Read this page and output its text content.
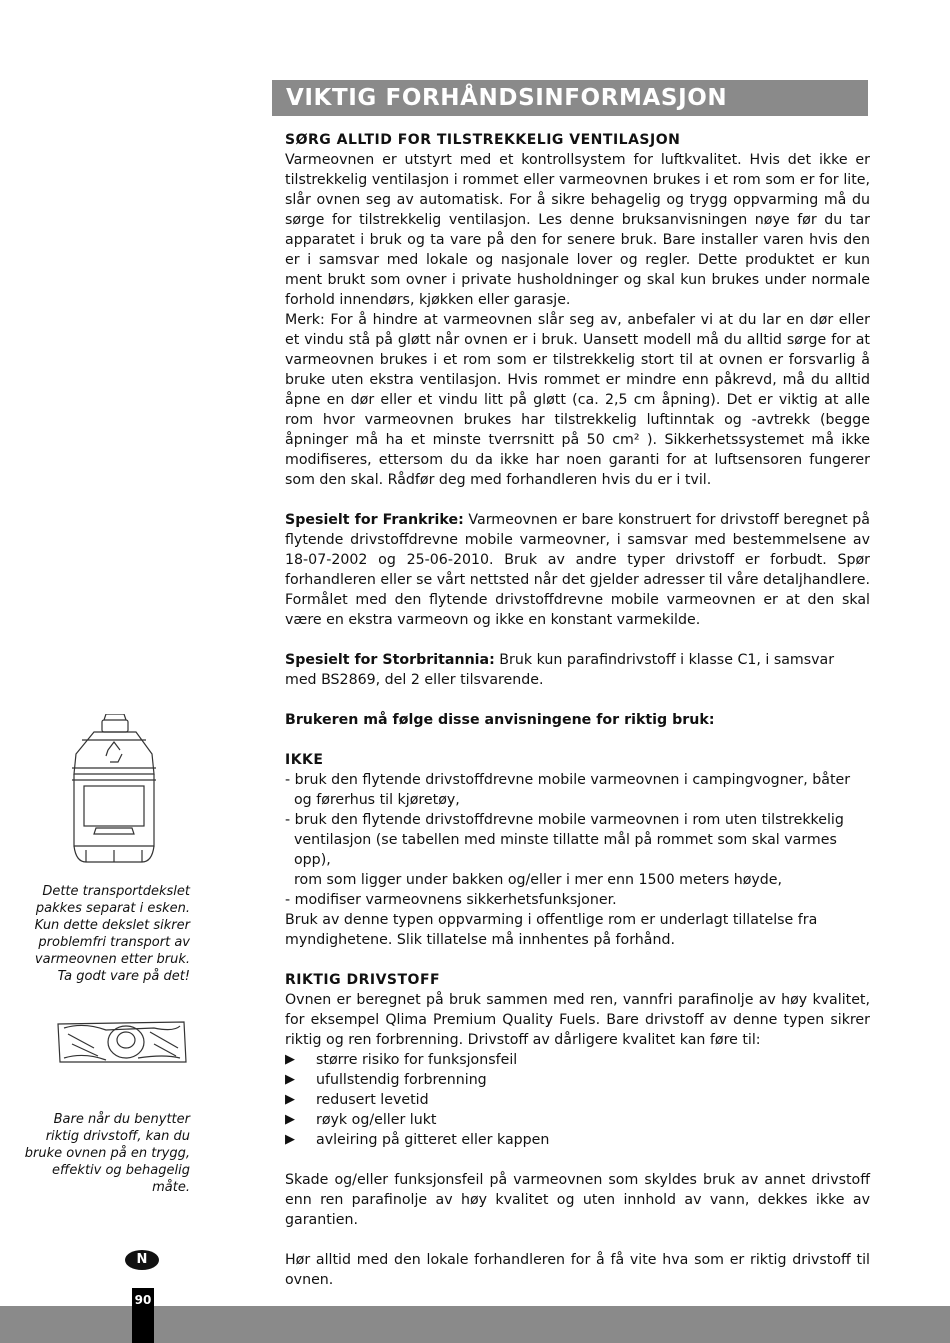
VIKTIG FORHÅNDSINFORMASJON

SØRG ALLTID FOR TILSTREKKELIG VENTILASJON

Varmeovnen er utstyrt med et kontrollsystem for luftkvalitet. Hvis det ikke er tilstrekkelig ventilasjon i rommet eller varmeovnen brukes i et rom som er for lite, slår ovnen seg av automatisk. For å sikre behagelig og trygg oppvarming må du sørge for tilstrekkelig ventilasjon. Les denne bruksanvisningen nøye før du tar apparatet i bruk og ta vare på den for senere bruk. Bare installer varen hvis den er i samsvar med lokale og nasjonale lover og regler. Dette produktet er kun ment brukt som ovner i private husholdninger og skal kun brukes under normale forhold innendørs, kjøkken eller garasje.

Merk: For å hindre at varmeovnen slår seg av, anbefaler vi at du lar en dør eller et vindu stå på gløtt når ovnen er i bruk. Uansett modell må du alltid sørge for at varmeovnen brukes i et rom som er tilstrekkelig stort til at ovnen er forsvarlig å bruke uten ekstra ventilasjon. Hvis rommet er mindre enn påkrevd, må du alltid åpne en dør eller et vindu litt på gløtt (ca. 2,5 cm åpning). Det er viktig at alle rom hvor varmeovnen brukes har tilstrekkelig luftinntak og -avtrekk (begge åpninger må ha et minste tverrsnitt på 50 cm² ). Sikkerhetssystemet må ikke modifiseres, ettersom du da ikke har noen garanti for at luftsensoren fungerer som den skal. Rådfør deg med forhandleren hvis du er i tvil.

Spesielt for Frankrike: Varmeovnen er bare konstruert for drivstoff beregnet på flytende drivstoffdrevne mobile varmeovner, i samsvar med bestemmelsene av 18-07-2002 og 25-06-2010. Bruk av andre typer drivstoff er forbudt. Spør forhandleren eller se vårt nettsted når det gjelder adresser til våre detaljhandlere. Formålet med den flytende drivstoffdrevne mobile varmeovnen er at den skal være en ekstra varmeovn og ikke en konstant varmekilde.

Spesielt for Storbritannia: Bruk kun parafindrivstoff i klasse C1, i samsvar med BS2869, del 2 eller tilsvarende.

Brukeren må følge disse anvisningene for riktig bruk:

IKKE

- bruk den flytende drivstoffdrevne mobile varmeovnen i campingvogner, båter

og førerhus til kjøretøy,

- bruk den flytende drivstoffdrevne mobile varmeovnen i rom uten tilstrekkelig

ventilasjon (se tabellen med minste tillatte mål på rommet som skal varmes opp),

rom som ligger under bakken og/eller i mer enn 1500 meters høyde,

- modifiser varmeovnens sikkerhetsfunksjoner.

Bruk av denne typen oppvarming i offentlige rom er underlagt tillatelse fra myndighetene. Slik tillatelse må innhentes på forhånd.

RIKTIG DRIVSTOFF

Ovnen er beregnet på bruk sammen med ren, vannfri parafinolje av høy kvalitet, for eksempel Qlima Premium Quality Fuels. Bare drivstoff av denne typen sikrer riktig og ren forbrenning. Drivstoff av dårligere kvalitet kan føre til:

▶	større risiko for funksjonsfeil
▶	ufullstendig forbrenning
▶	redusert levetid
▶	røyk og/eller lukt
▶	avleiring på gitteret eller kappen

Skade og/eller funksjonsfeil på varmeovnen som skyldes bruk av annet drivstoff enn ren parafinolje av høy kvalitet og uten innhold av vann, dekkes ikke av garantien.

Hør alltid med den lokale forhandleren for å få vite hva som er riktig drivstoff til ovnen.

Dette transportdekslet pakkes separat i esken. Kun dette dekslet sikrer problemfri transport av varmeovnen etter bruk. Ta godt vare på det!

Bare når du benytter riktig drivstoff, kan du bruke ovnen på en trygg, effektiv og behagelig måte.

N
90
